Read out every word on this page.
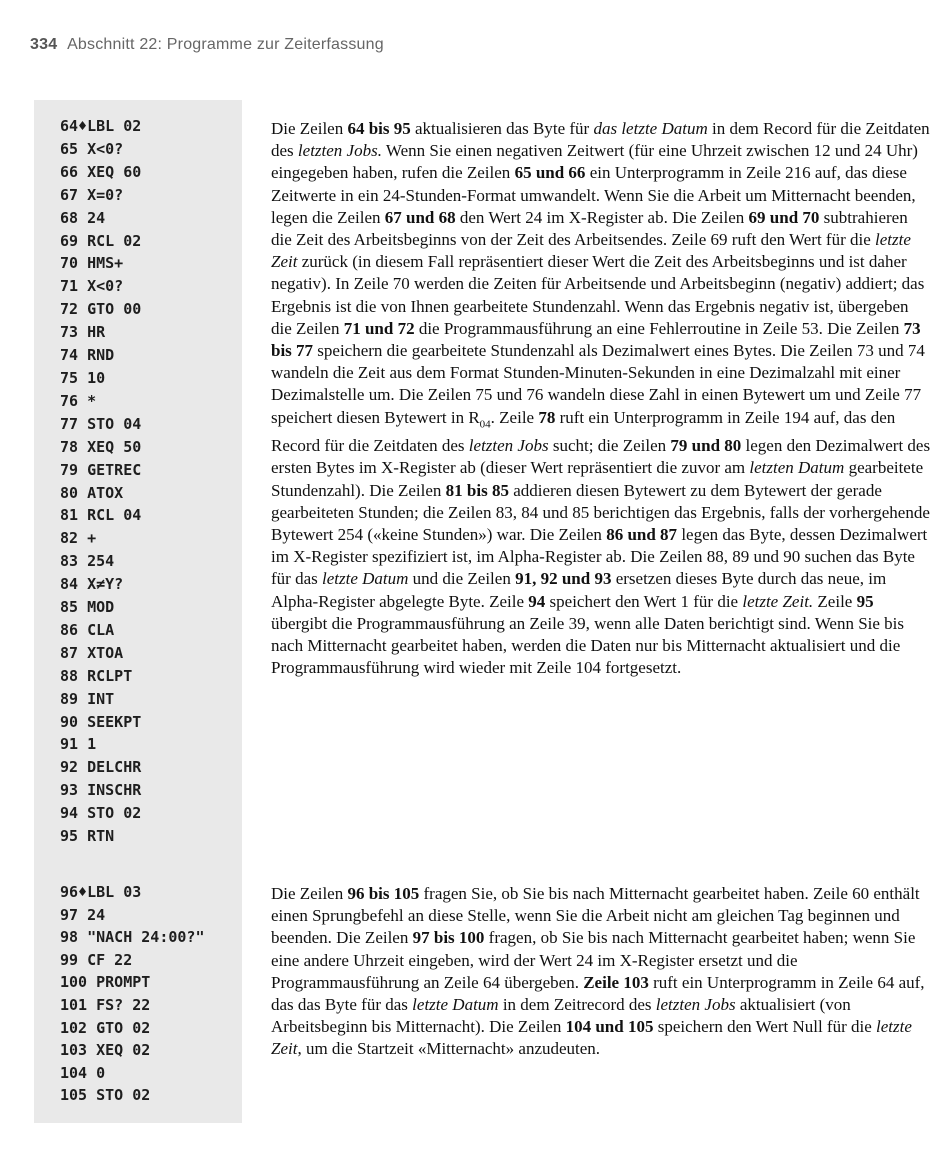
334 Abschnitt 22: Programme zur Zeiterfassung
64♦LBL 02
65 X<0?
66 XEQ 60
67 X=0?
68 24
69 RCL 02
70 HMS+
71 X<0?
72 GTO 00
73 HR
74 RND
75 10
76 *
77 STO 04
78 XEQ 50
79 GETREC
80 ATOX
81 RCL 04
82 +
83 254
84 X≠Y?
85 MOD
86 CLA
87 XTOA
88 RCLPT
89 INT
90 SEEKPT
91 1
92 DELCHR
93 INSCHR
94 STO 02
95 RTN
Die Zeilen 64 bis 95 aktualisieren das Byte für das letzte Datum in dem Record für die Zeitdaten des letzten Jobs. Wenn Sie einen negativen Zeitwert (für eine Uhrzeit zwischen 12 und 24 Uhr) eingegeben haben, rufen die Zeilen 65 und 66 ein Unterprogramm in Zeile 216 auf, das diese Zeitwerte in ein 24-Stunden-Format umwandelt. Wenn Sie die Arbeit um Mitternacht beenden, legen die Zeilen 67 und 68 den Wert 24 im X-Register ab. Die Zeilen 69 und 70 subtrahieren die Zeit des Arbeitsbeginns von der Zeit des Arbeitsendes. Zeile 69 ruft den Wert für die letzte Zeit zurück (in diesem Fall repräsentiert dieser Wert die Zeit des Arbeitsbeginns und ist daher negativ). In Zeile 70 werden die Zeiten für Arbeitsende und Arbeitsbeginn (negativ) addiert; das Ergebnis ist die von Ihnen gearbeitete Stundenzahl. Wenn das Ergebnis negativ ist, übergeben die Zeilen 71 und 72 die Programmausführung an eine Fehlerroutine in Zeile 53. Die Zeilen 73 bis 77 speichern die gearbeitete Stundenzahl als Dezimalwert eines Bytes. Die Zeilen 73 und 74 wandeln die Zeit aus dem Format Stunden-Minuten-Sekunden in eine Dezimalzahl mit einer Dezimalstelle um. Die Zeilen 75 und 76 wandeln diese Zahl in einen Bytewert um und Zeile 77 speichert diesen Bytewert in $R_{04}$. Zeile 78 ruft ein Unterprogramm in Zeile 194 auf, das den Record für die Zeitdaten des letzten Jobs sucht; die Zeilen 79 und 80 legen den Dezimalwert des ersten Bytes im X-Register ab (dieser Wert repräsentiert die zuvor am letzten Datum gearbeitete Stundenzahl). Die Zeilen 81 bis 85 addieren diesen Bytewert zu dem Bytewert der gerade gearbeiteten Stunden; die Zeilen 83, 84 und 85 berichtigen das Ergebnis, falls der vorhergehende Bytewert 254 («keine Stunden») war. Die Zeilen 86 und 87 legen das Byte, dessen Dezimalwert im X-Register spezifiziert ist, im Alpha-Register ab. Die Zeilen 88, 89 und 90 suchen das Byte für das letzte Datum und die Zeilen 91, 92 und 93 ersetzen dieses Byte durch das neue, im Alpha-Register abgelegte Byte. Zeile 94 speichert den Wert 1 für die letzte Zeit. Zeile 95 übergibt die Programmausführung an Zeile 39, wenn alle Daten berichtigt sind. Wenn Sie bis nach Mitternacht gearbeitet haben, werden die Daten nur bis Mitternacht aktualisiert und die Programmausführung wird wieder mit Zeile 104 fortgesetzt.
96♦LBL 03
97 24
98 "NACH 24:00?"
99 CF 22
100 PROMPT
101 FS? 22
102 GTO 02
103 XEQ 02
104 0
105 STO 02
Die Zeilen 96 bis 105 fragen Sie, ob Sie bis nach Mitternacht gearbeitet haben. Zeile 60 enthält einen Sprungbefehl an diese Stelle, wenn Sie die Arbeit nicht am gleichen Tag beginnen und beenden. Die Zeilen 97 bis 100 fragen, ob Sie bis nach Mitternacht gearbeitet haben; wenn Sie eine andere Uhrzeit eingeben, wird der Wert 24 im X-Register ersetzt und die Programmausführung an Zeile 64 übergeben. Zeile 103 ruft ein Unterprogramm in Zeile 64 auf, das das Byte für das letzte Datum in dem Zeitrecord des letzten Jobs aktualisiert (von Arbeitsbeginn bis Mitternacht). Die Zeilen 104 und 105 speichern den Wert Null für die letzte Zeit, um die Startzeit «Mitternacht» anzudeuten.
